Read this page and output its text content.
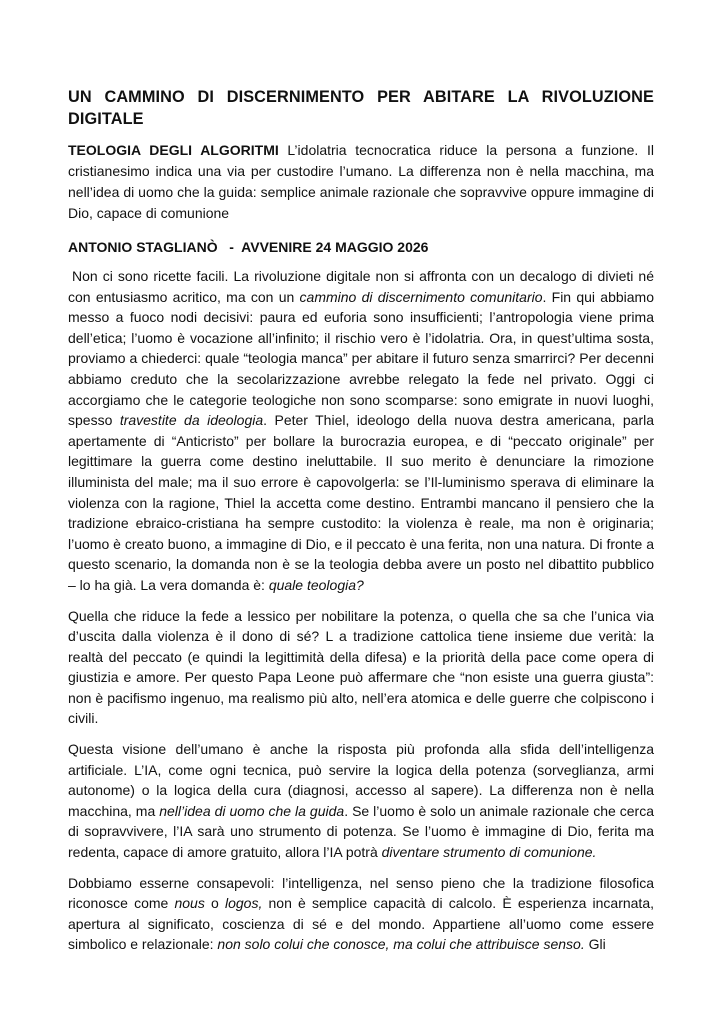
UN CAMMINO DI DISCERNIMENTO PER ABITARE LA RIVOLUZIONE DIGITALE

TEOLOGIA DEGLI ALGORITMI L’idolatria tecnocratica riduce la persona a funzione. Il cristianesimo indica una via per custodire l’umano. La differenza non è nella macchina, ma nell’idea di uomo che la guida: semplice animale razionale che sopravvive oppure immagine di Dio, capace di comunione

ANTONIO STAGLIANÒ   -  AVVENIRE 24 MAGGIO 2026

Non ci sono ricette facili. La rivoluzione digitale non si affronta con un decalogo di divieti né con entusiasmo acritico, ma con un cammino di discernimento comunitario. Fin qui abbiamo messo a fuoco nodi decisivi: paura ed euforia sono insufficienti; l’antropologia viene prima dell’etica; l’uomo è vocazione all’infinito; il rischio vero è l’idolatria. Ora, in quest’ultima sosta, proviamo a chiederci: quale “teologia manca” per abitare il futuro senza smarrirci? Per decenni abbiamo creduto che la secolarizzazione avrebbe relegato la fede nel privato. Oggi ci accorgiamo che le categorie teologiche non sono scomparse: sono emigrate in nuovi luoghi, spesso travestite da ideologia. Peter Thiel, ideologo della nuova destra americana, parla apertamente di “Anticristo” per bollare la burocrazia europea, e di “peccato originale” per legittimare la guerra come destino ineluttabile. Il suo merito è denunciare la rimozione illuminista del male; ma il suo errore è capovolgerla: se l’Il-luminismo sperava di eliminare la violenza con la ragione, Thiel la accetta come destino. Entrambi mancano il pensiero che la tradizione ebraico-cristiana ha sempre custodito: la violenza è reale, ma non è originaria; l’uomo è creato buono, a immagine di Dio, e il peccato è una ferita, non una natura. Di fronte a questo scenario, la domanda non è se la teologia debba avere un posto nel dibattito pubblico – lo ha già. La vera domanda è: quale teologia?

Quella che riduce la fede a lessico per nobilitare la potenza, o quella che sa che l’unica via d’uscita dalla violenza è il dono di sé? L a tradizione cattolica tiene insieme due verità: la realtà del peccato (e quindi la legittimità della difesa) e la priorità della pace come opera di giustizia e amore. Per questo Papa Leone può affermare che “non esiste una guerra giusta”: non è pacifismo ingenuo, ma realismo più alto, nell’era atomica e delle guerre che colpiscono i civili.

Questa visione dell’umano è anche la risposta più profonda alla sfida dell’intelligenza artificiale. L’IA, come ogni tecnica, può servire la logica della potenza (sorveglianza, armi autonome) o la logica della cura (diagnosi, accesso al sapere). La differenza non è nella macchina, ma nell’idea di uomo che la guida. Se l’uomo è solo un animale razionale che cerca di sopravvivere, l’IA sarà uno strumento di potenza. Se l’uomo è immagine di Dio, ferita ma redenta, capace di amore gratuito, allora l’IA potrà diventare strumento di comunione.

Dobbiamo esserne consapevoli: l’intelligenza, nel senso pieno che la tradizione filosofica riconosce come nous o logos, non è semplice capacità di calcolo. È esperienza incarnata, apertura al significato, coscienza di sé e del mondo. Appartiene all’uomo come essere simbolico e relazionale: non solo colui che conosce, ma colui che attribuisce senso. Gli
